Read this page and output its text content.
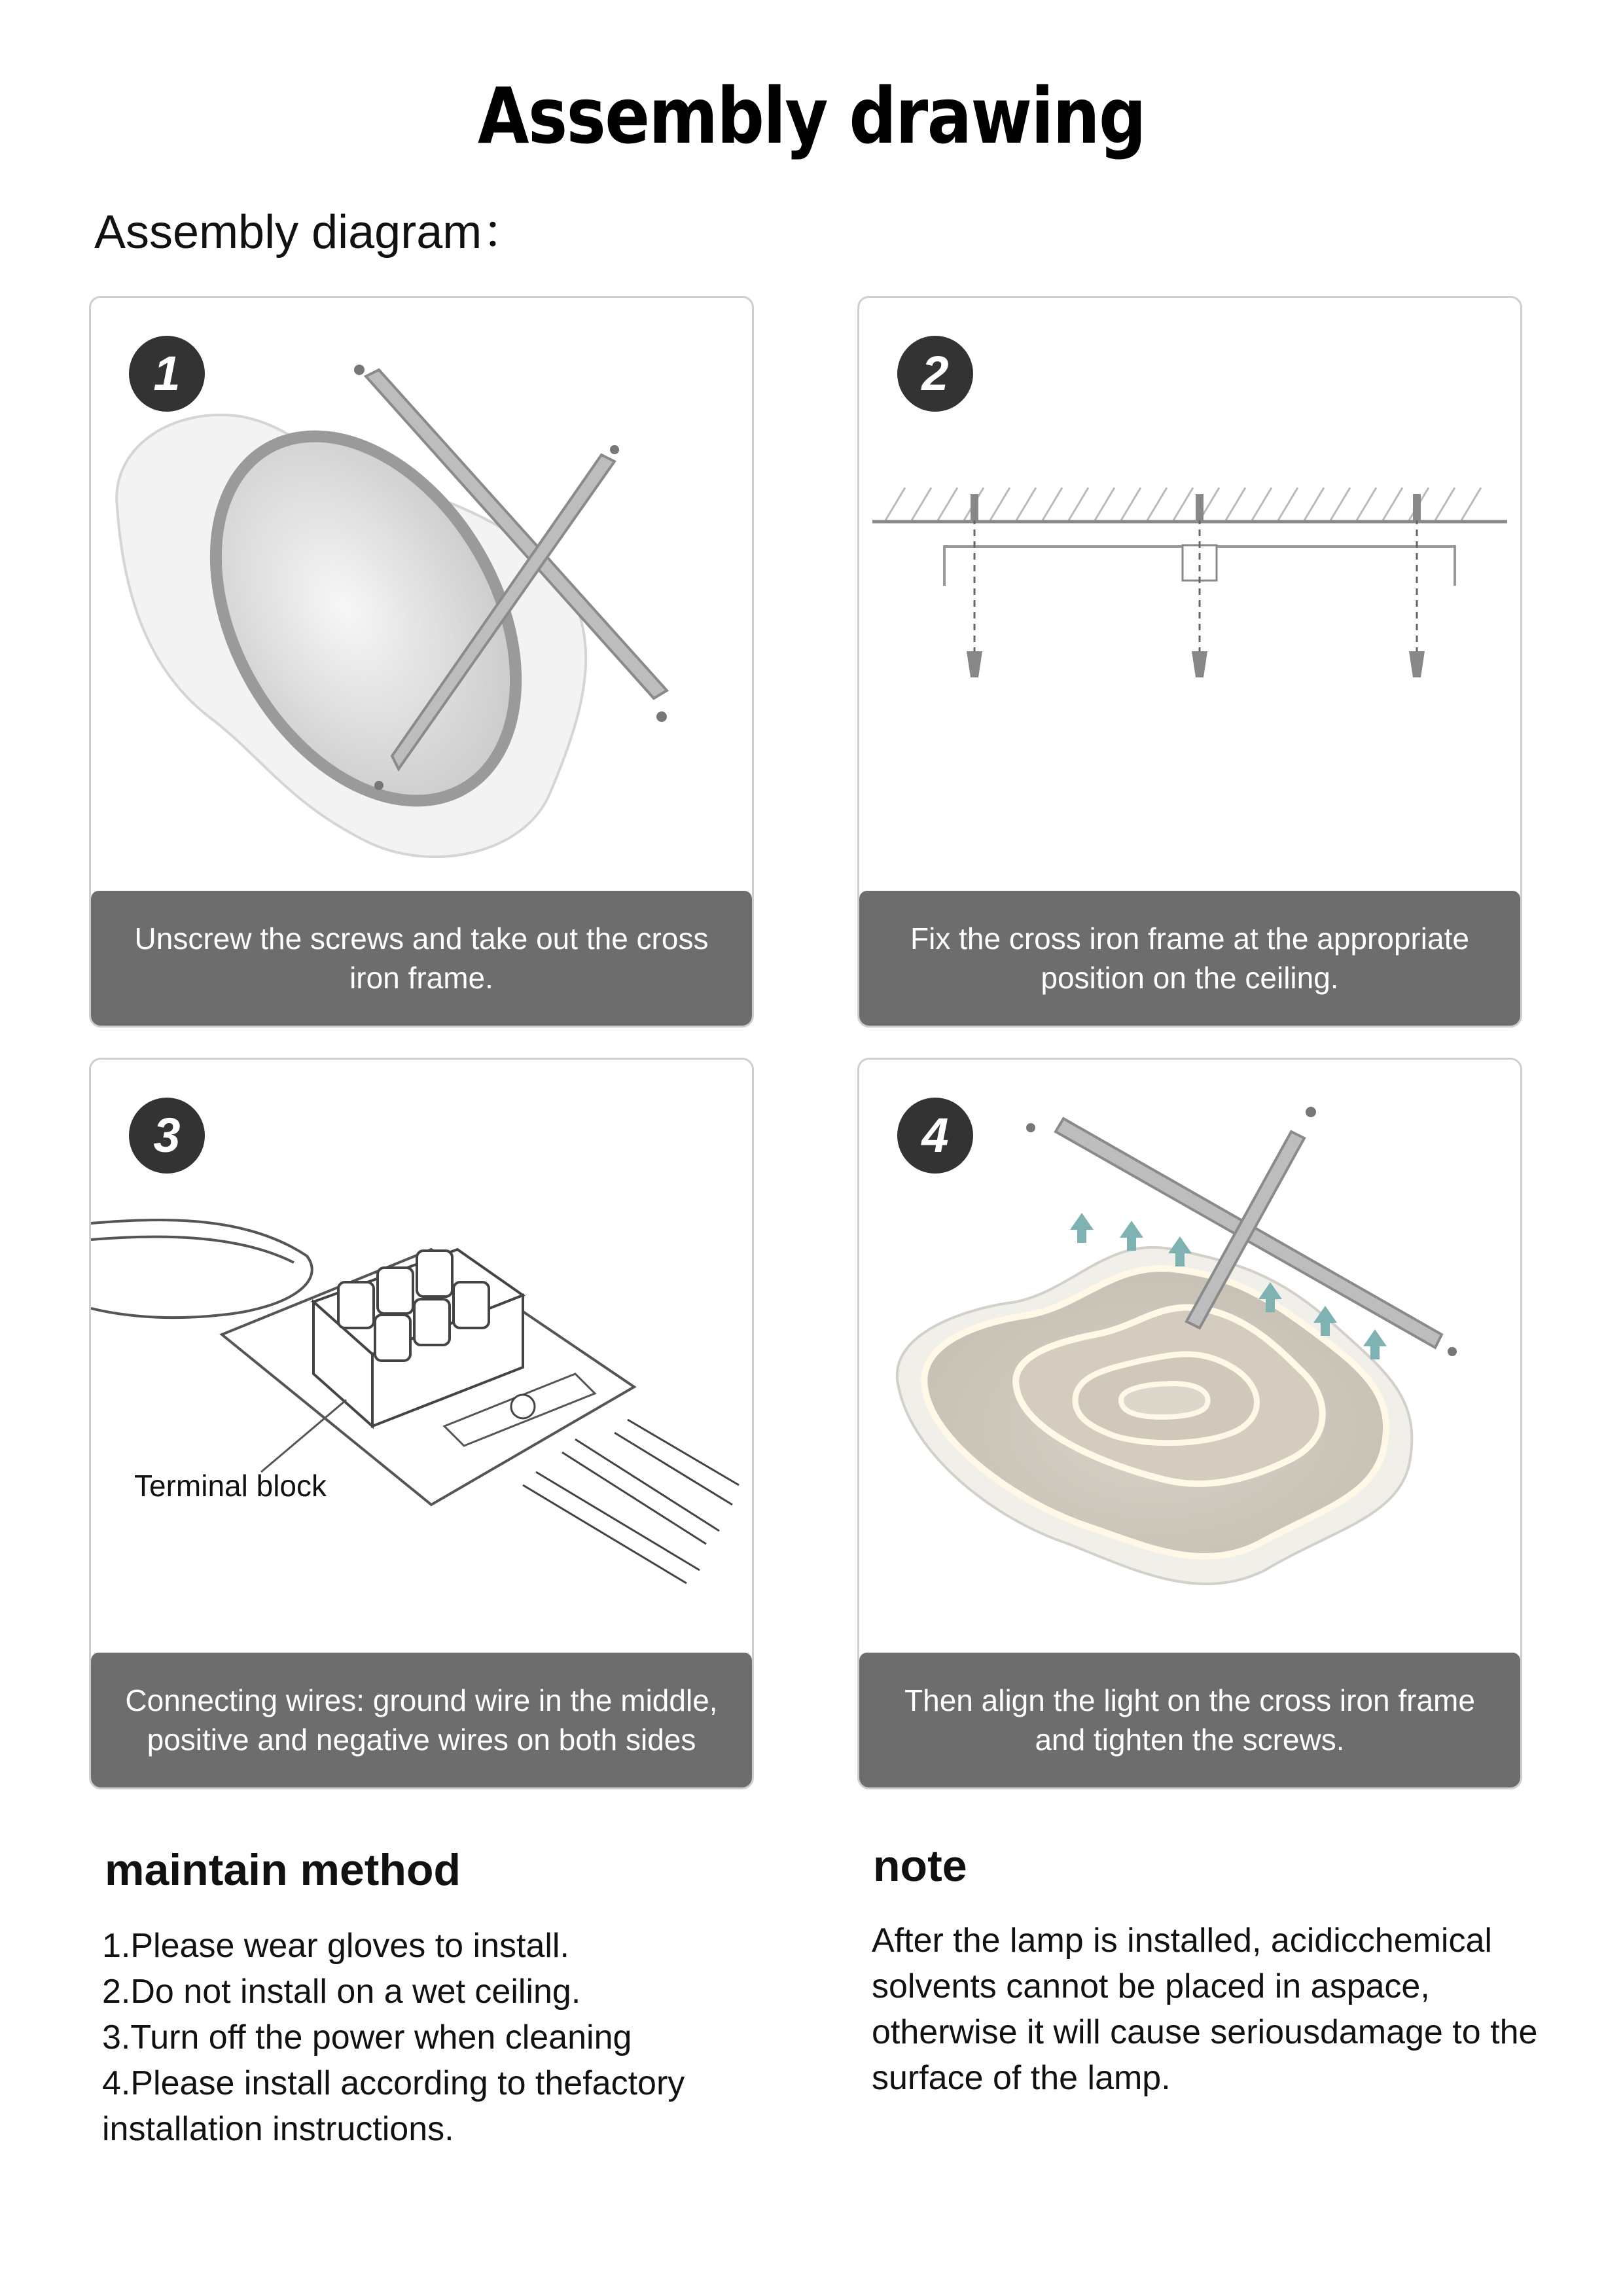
Assembly drawing
Assembly diagram：
1
Unscrew the screws and take out the cross iron frame.
2
Fix the cross iron frame at the appropriate position on the ceiling.
Terminal block
3
Connecting wires: ground wire in the middle, positive and negative wires on both sides
4
Then align the light on the cross iron frame and tighten the screws.
maintain method
1.Please wear gloves to install.
2.Do not install on a wet ceiling.
3.Turn off the power when cleaning
4.Please install according to thefactory
installation instructions.
note
After the lamp is installed, acidicchemical solvents cannot be placed in aspace, otherwise it will cause seriousdamage to the surface of the lamp.
